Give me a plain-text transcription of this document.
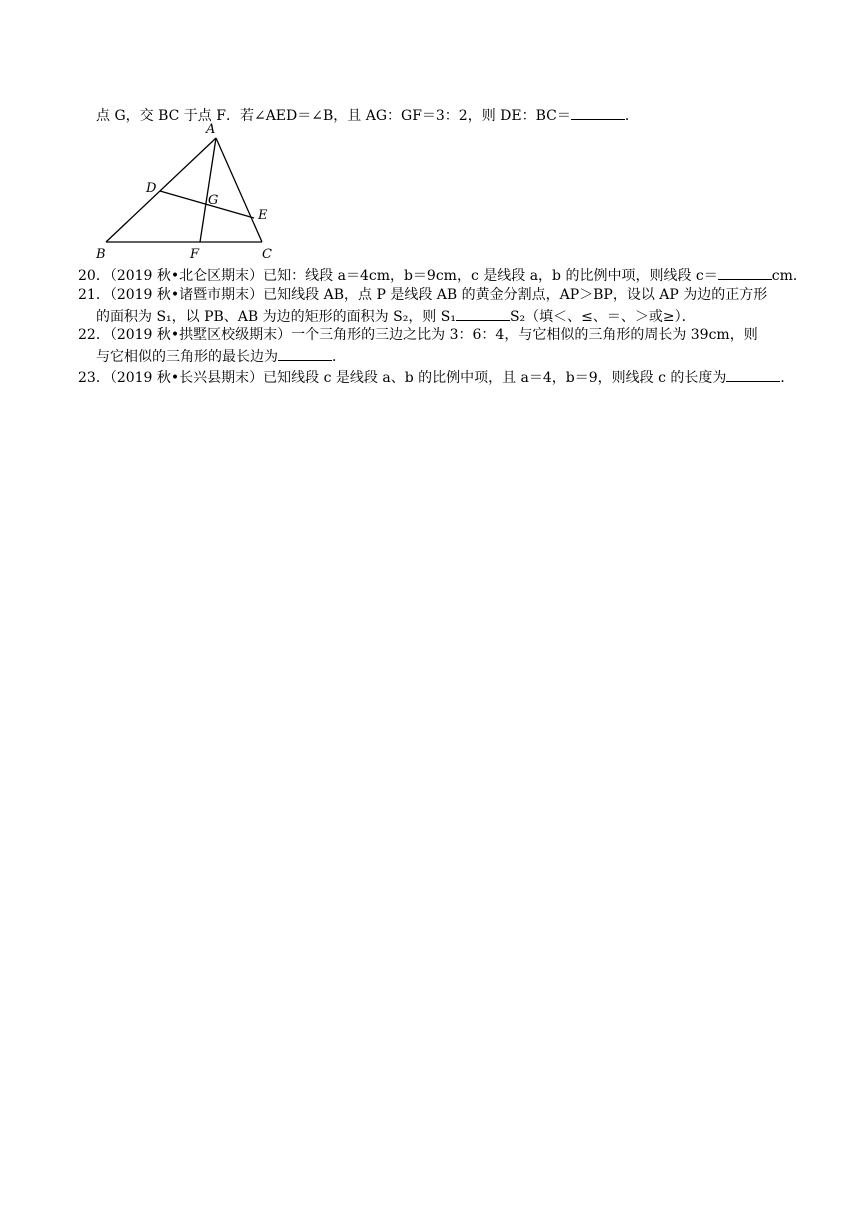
点 G，交 BC 于点 F．若∠AED＝∠B，且 AG：GF＝3：2，则 DE：BC＝	．
A
B	C
D
E
F
G
20．（2019 秋•北仑区期末）已知：线段 a＝4cm，b＝9cm，c 是线段 a，b 的比例中项，则线段 c＝	cm．
21．（2019 秋•诸暨市期末）已知线段 AB，点 P 是线段 AB 的黄金分割点，AP＞BP，设以 AP 为边的正方形
的面积为 S₁，以 PB、AB 为边的矩形的面积为 S₂，则 S₁	S₂（填＜、≤、＝、＞或≥）．
22．（2019 秋•拱墅区校级期末）一个三角形的三边之比为 3：6：4，与它相似的三角形的周长为 39cm，则
与它相似的三角形的最长边为	．
23．（2019 秋•长兴县期末）已知线段 c 是线段 a、b 的比例中项，且 a＝4，b＝9，则线段 c 的长度为	．
